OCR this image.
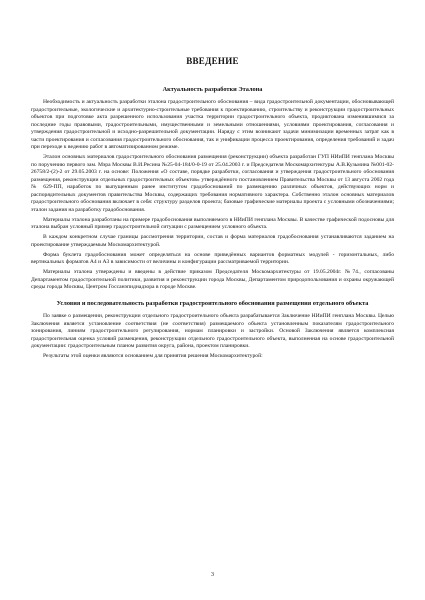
ВВЕДЕНИЕ
Актуальность разработки Эталона

Необходимость и актуальность разработки эталона градостроительного обоснования – вида градостроительной документации, обосновывающей градостроительные, экологические и архитектурно-строительные требования к проектированию, строительству и реконструкции градостроительных объектов при подготовке акта разрешенного использования участка территории градостроительного объекта, продиктована изменившимися за последние годы правовыми, градостроительными, имущественными и земельными отношениями, условиями проектирования, согласования и утверждения градостроительной и исходно-разрешительной документации. Наряду с этим возникают задачи минимизации временных затрат как в части проектирования и согласования градостроительного обоснования, так и унификации процесса проектирования, определения требований и задач при переходе к ведению работ в автоматизированном режиме.

Эталон основных материалов градостроительного обоснования размещения (реконструкции) объекта разработан ГУП НИиПИ генплана Москвы по поручению первого зам. Мэра Москвы В.И.Ресина №25-04-184/0-0-19 от 25.04.2003 г. и Председателя Москомархитектуры А.В.Кузьмина №001-02-26758/2-(2)-2 от 29.05.2003 г. на основе: Положения «О составе, порядке разработки, согласования и утверждения градостроительного обоснования размещения, реконструкции отдельных градостроительных объектов» утверждённого постановлением Правительства Москвы от 13 августа 2002 года № 629-ПП, наработок по выпущенным ранее институтом градобоснований по размещению различных объектов, действующих норм и распорядительных документов правительства Москвы, содержащих требования нормативного характера. Собственно эталон основных материалов градостроительного обоснования включает в себя: структуру разделов проекта; базовые графические материалы проекта с условными обозначениями; эталон задания на разработку градобоснования.

Материалы эталона разработаны на примере градобоснования выполняемого в НИиПИ генплана Москвы. В качестве графической подосновы для эталона выбран условный пример градостроительной ситуации с размещением условного объекта.

В каждом конкретном случае границы рассмотрения территории, состав и форма материалов градобоснования устанавливаются заданием на проектирование утверждаемым Москомархитектурой.

Форма буклета градобоснования может определяться на основе приведённых вариантов форматных модулей - горизонтальных, либо вертикальных форматов А4 и А3 в зависимости от величины и конфигурации рассматриваемой территории.

Материалы эталона утверждены и введены в действие приказом Председателя Москомархитектуры от 19.05.2004г. №74., согласованы Департаментом градостроительной политики, развития и реконструкции города Москвы, Департаментом природопользования и охраны окружающей среды города Москвы, Центром Госсанэпиднадзора в городе Москве.

Условия и последовательность разработки градостроительного обоснования размещения отдельного объекта

По заявке о размещении, реконструкции отдельного градостроительного объекта разрабатывается Заключение НИиПИ генплана Москвы. Целью Заключения является установление соответствия (не соответствия) размещаемого объекта установленным показателям градостроительного зонирования, линиям градостроительного регулирования, нормам планировки и застройки. Основой Заключения является комплексная градостроительная оценка условий размещения, реконструкции отдельного градостроительного объекта, выполненная на основе градостроительной документации: градостроительным планом развития округа, района, проектом планировки.

Результаты этой оценки являются основанием для принятия решения Москомархитектурой:

3
